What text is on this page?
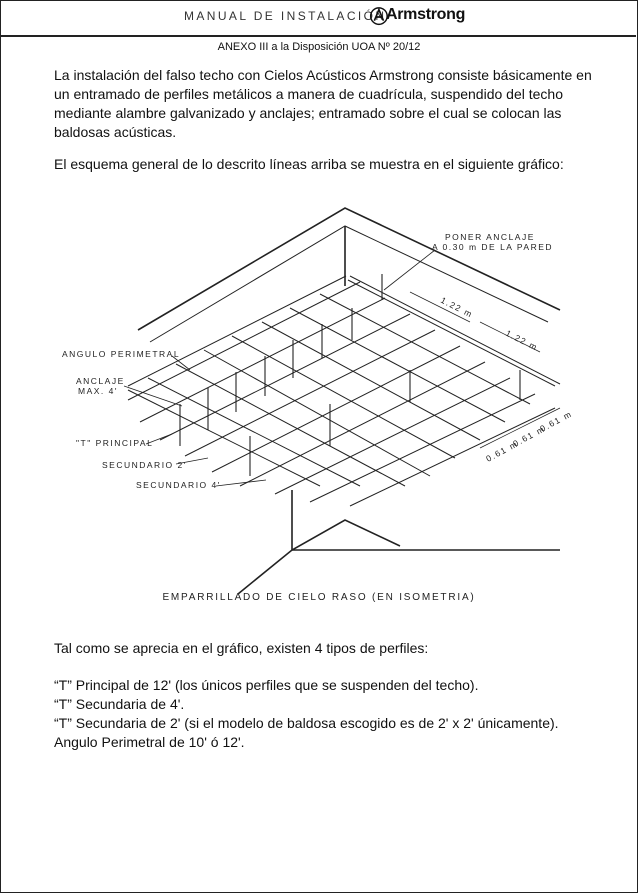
MANUAL DE INSTALACIÓN Armstrong
ANEXO III a la Disposición UOA Nº 20/12

La instalación del falso techo con Cielos Acústicos Armstrong consiste básicamente en un entramado de perfiles metálicos a manera de cuadrícula, suspendido del techo mediante alambre galvanizado y anclajes; entramado sobre el cual se colocan las baldosas acústicas.

El esquema general de lo descrito líneas arriba se muestra en el siguiente gráfico:

PONER ANCLAJE
A 0.30 m DE LA PARED
ANGULO PERIMETRAL
ANCLAJE
MAX. 4'
"T" PRINCIPAL
SECUNDARIO 2'
SECUNDARIO 4'
1.22 m
1.22 m
0.61 m
0.61 m
0.61 m
EMPARRILLADO DE CIELO RASO (EN ISOMETRIA)

Tal como se aprecia en el gráfico, existen 4 tipos de perfiles:

“T” Principal de 12' (los únicos perfiles que se suspenden del techo).
“T” Secundaria de 4'.
“T” Secundaria de 2' (si el modelo de baldosa escogido es de 2' x 2' únicamente).
Angulo Perimetral de 10' ó 12'.
